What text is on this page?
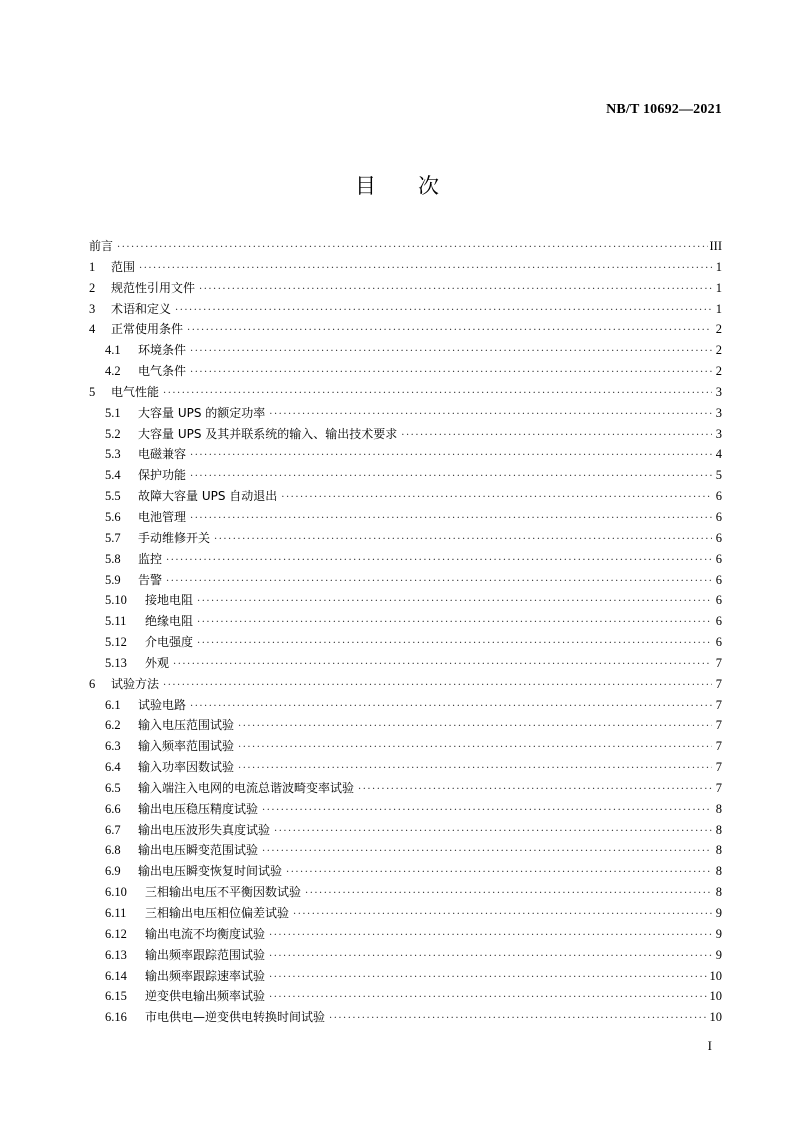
NB/T 10692—2021
目次
前言 ·····	III
1	范围 ·····	1
2	规范性引用文件 ·····	1
3	术语和定义 ·····	1
4	正常使用条件 ·····	2
4.1	环境条件 ·····	2
4.2	电气条件 ·····	2
5	电气性能 ·····	3
5.1	大容量 UPS 的额定功率 ·····	3
5.2	大容量 UPS 及其并联系统的输入、输出技术要求 ·····	3
5.3	电磁兼容 ·····	4
5.4	保护功能 ·····	5
5.5	故障大容量 UPS 自动退出 ·····	6
5.6	电池管理 ·····	6
5.7	手动维修开关 ·····	6
5.8	监控 ·····	6
5.9	告警 ·····	6
5.10	接地电阻 ·····	6
5.11	绝缘电阻 ·····	6
5.12	介电强度 ·····	6
5.13	外观 ·····	7
6	试验方法 ·····	7
6.1	试验电路 ·····	7
6.2	输入电压范围试验 ·····	7
6.3	输入频率范围试验 ·····	7
6.4	输入功率因数试验 ·····	7
6.5	输入端注入电网的电流总谐波畸变率试验 ·····	7
6.6	输出电压稳压精度试验 ·····	8
6.7	输出电压波形失真度试验 ·····	8
6.8	输出电压瞬变范围试验 ·····	8
6.9	输出电压瞬变恢复时间试验 ·····	8
6.10	三相输出电压不平衡因数试验 ·····	8
6.11	三相输出电压相位偏差试验 ·····	9
6.12	输出电流不均衡度试验 ·····	9
6.13	输出频率跟踪范围试验 ·····	9
6.14	输出频率跟踪速率试验 ·····	10
6.15	逆变供电输出频率试验 ·····	10
6.16	市电供电—逆变供电转换时间试验 ·····	10
I
